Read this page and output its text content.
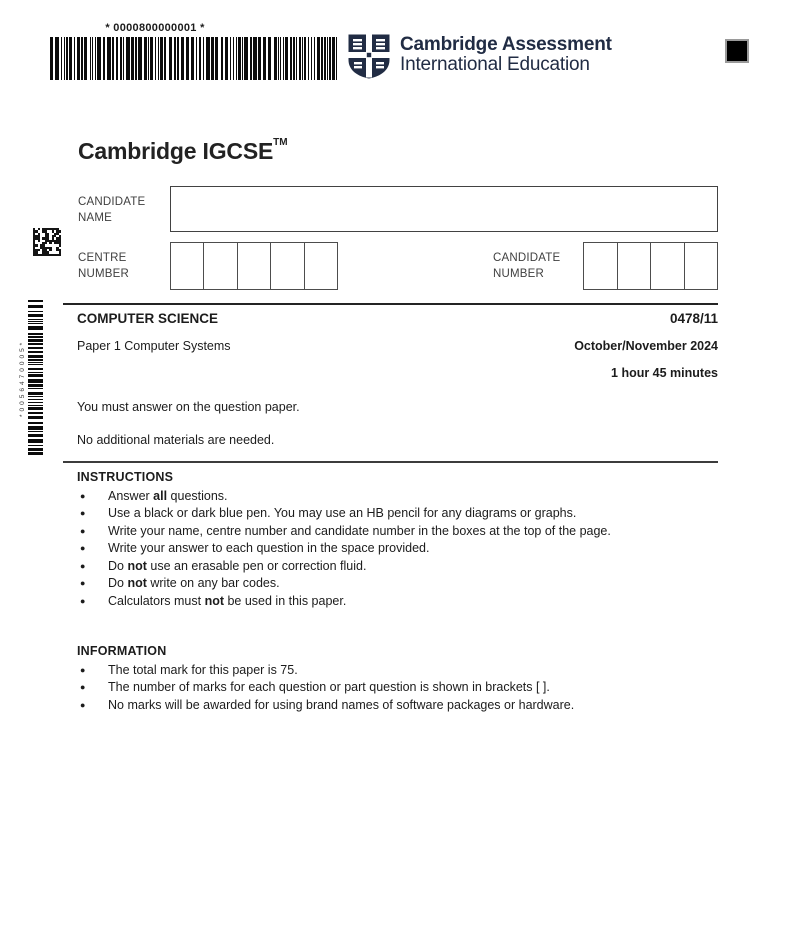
* 0000800000001 *
Cambridge Assessment
International Education
Cambridge IGCSE™
CANDIDATE
NAME
CENTRE
NUMBER
CANDIDATE
NUMBER
*0056470005*
COMPUTER SCIENCE	0478/11
Paper 1 Computer Systems	October/November 2024
1 hour 45 minutes
You must answer on the question paper.
No additional materials are needed.
INSTRUCTIONS
●	Answer all questions.
●	Use a black or dark blue pen. You may use an HB pencil for any diagrams or graphs.
●	Write your name, centre number and candidate number in the boxes at the top of the page.
●	Write your answer to each question in the space provided.
●	Do not use an erasable pen or correction fluid.
●	Do not write on any bar codes.
●	Calculators must not be used in this paper.
INFORMATION
●	The total mark for this paper is 75.
●	The number of marks for each question or part question is shown in brackets [ ].
●	No marks will be awarded for using brand names of software packages or hardware.
